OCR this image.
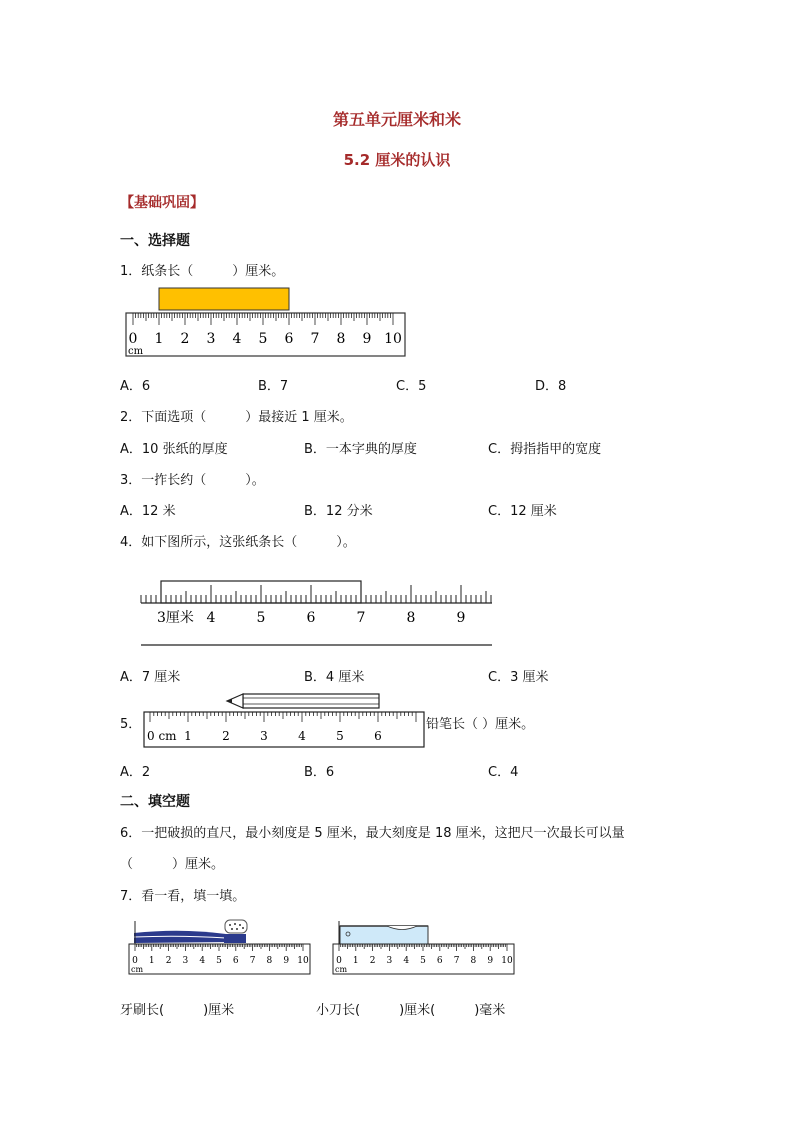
第五单元厘米和米
5.2 厘米的认识
【基础巩固】
一、选择题
1．纸条长（　　　）厘米。
0 1 2 3 4 5 6 7 8 9 10
cm
A．6	B．7	C．5	D．8
2．下面选项（　　　）最接近 1 厘米。
A．10 张纸的厚度	B．一本字典的厚度	C．拇指指甲的宽度
3．一拃长约（　　　）。
A．12 米	B．12 分米	C．12 厘米
4．如下图所示，这张纸条长（　　　）。
3厘米 4	5	6	7	8	9
A．7 厘米	B．4 厘米	C．3 厘米
5．
1	2	3	4	5	6
0 cm
铅笔长（ ）厘米。
A．2	B．6	C．4
二、填空题
6．一把破损的直尺，最小刻度是 5 厘米，最大刻度是 18 厘米，这把尺一次最长可以量
（　　　）厘米。
7．看一看，填一填。
0 1 2 3 4 5 6 7 8 9 10
cm
0 1 2 3 4 5 6 7 8 9 10
cm
牙刷长(　　　)厘米	小刀长(　　　)厘米(　　　)毫米
